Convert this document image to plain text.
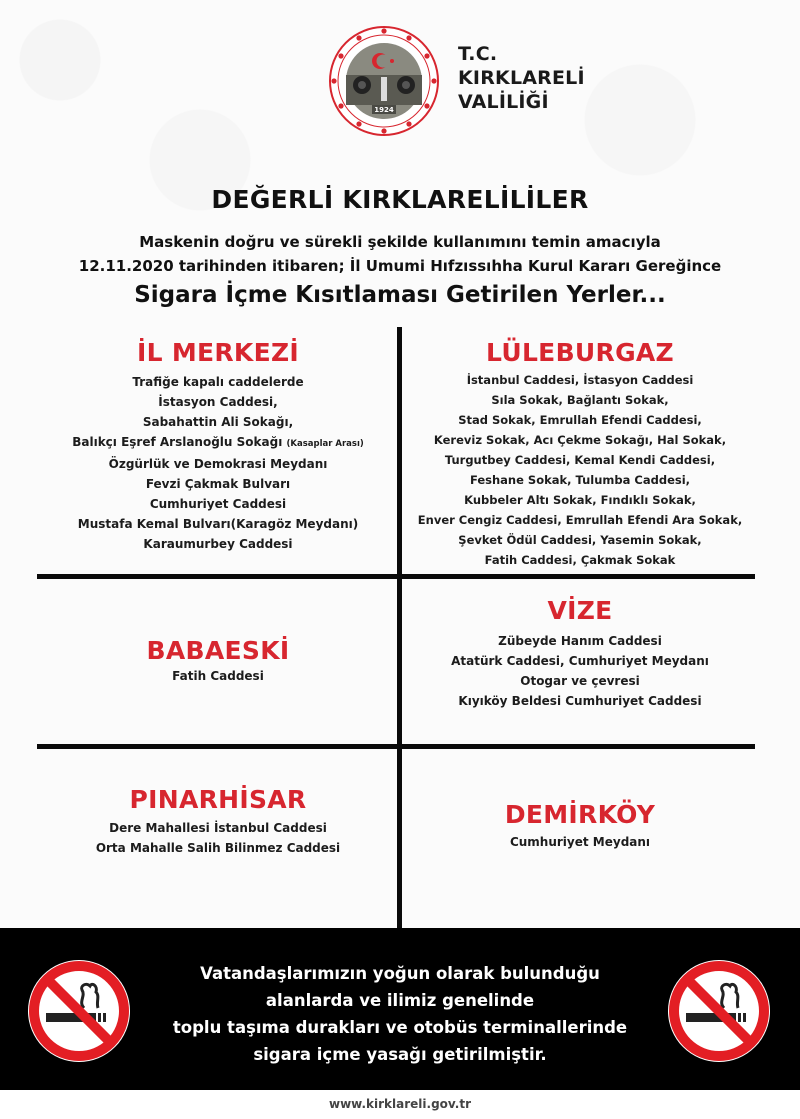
1924
T.C.
KIRKLARELİ
VALİLİĞİ
DEĞERLİ KIRKLARELİLİLER
Maskenin doğru ve sürekli şekilde kullanımını temin amacıyla
12.11.2020 tarihinden itibaren; İl Umumi Hıfzıssıhha Kurul Kararı Gereğince
Sigara İçme Kısıtlaması Getirilen Yerler...
İL MERKEZİ
Trafiğe kapalı caddelerde
İstasyon Caddesi,
Sabahattin Ali Sokağı,
Balıkçı Eşref Arslanoğlu Sokağı (Kasaplar Arası)
Özgürlük ve Demokrasi Meydanı
Fevzi Çakmak Bulvarı
Cumhuriyet Caddesi
Mustafa Kemal Bulvarı(Karagöz Meydanı)
Karaumurbey Caddesi
LÜLEBURGAZ
İstanbul Caddesi, İstasyon Caddesi
Sıla Sokak, Bağlantı Sokak,
Stad Sokak, Emrullah Efendi Caddesi,
Kereviz Sokak, Acı Çekme Sokağı, Hal Sokak,
Turgutbey Caddesi, Kemal Kendi Caddesi,
Feshane Sokak, Tulumba Caddesi,
Kubbeler Altı Sokak, Fındıklı Sokak,
Enver Cengiz Caddesi, Emrullah Efendi Ara Sokak,
Şevket Ödül Caddesi, Yasemin Sokak,
Fatih Caddesi, Çakmak Sokak
BABAESKİ
Fatih Caddesi
VİZE
Zübeyde Hanım Caddesi
Atatürk Caddesi, Cumhuriyet Meydanı
Otogar ve çevresi
Kıyıköy Beldesi Cumhuriyet Caddesi
PINARHİSAR
Dere Mahallesi İstanbul Caddesi
Orta Mahalle Salih Bilinmez Caddesi
DEMİRKÖY
Cumhuriyet Meydanı
Vatandaşlarımızın yoğun olarak bulunduğu
alanlarda ve ilimiz genelinde
toplu taşıma durakları ve otobüs terminallerinde
sigara içme yasağı getirilmiştir.
www.kirklareli.gov.tr
